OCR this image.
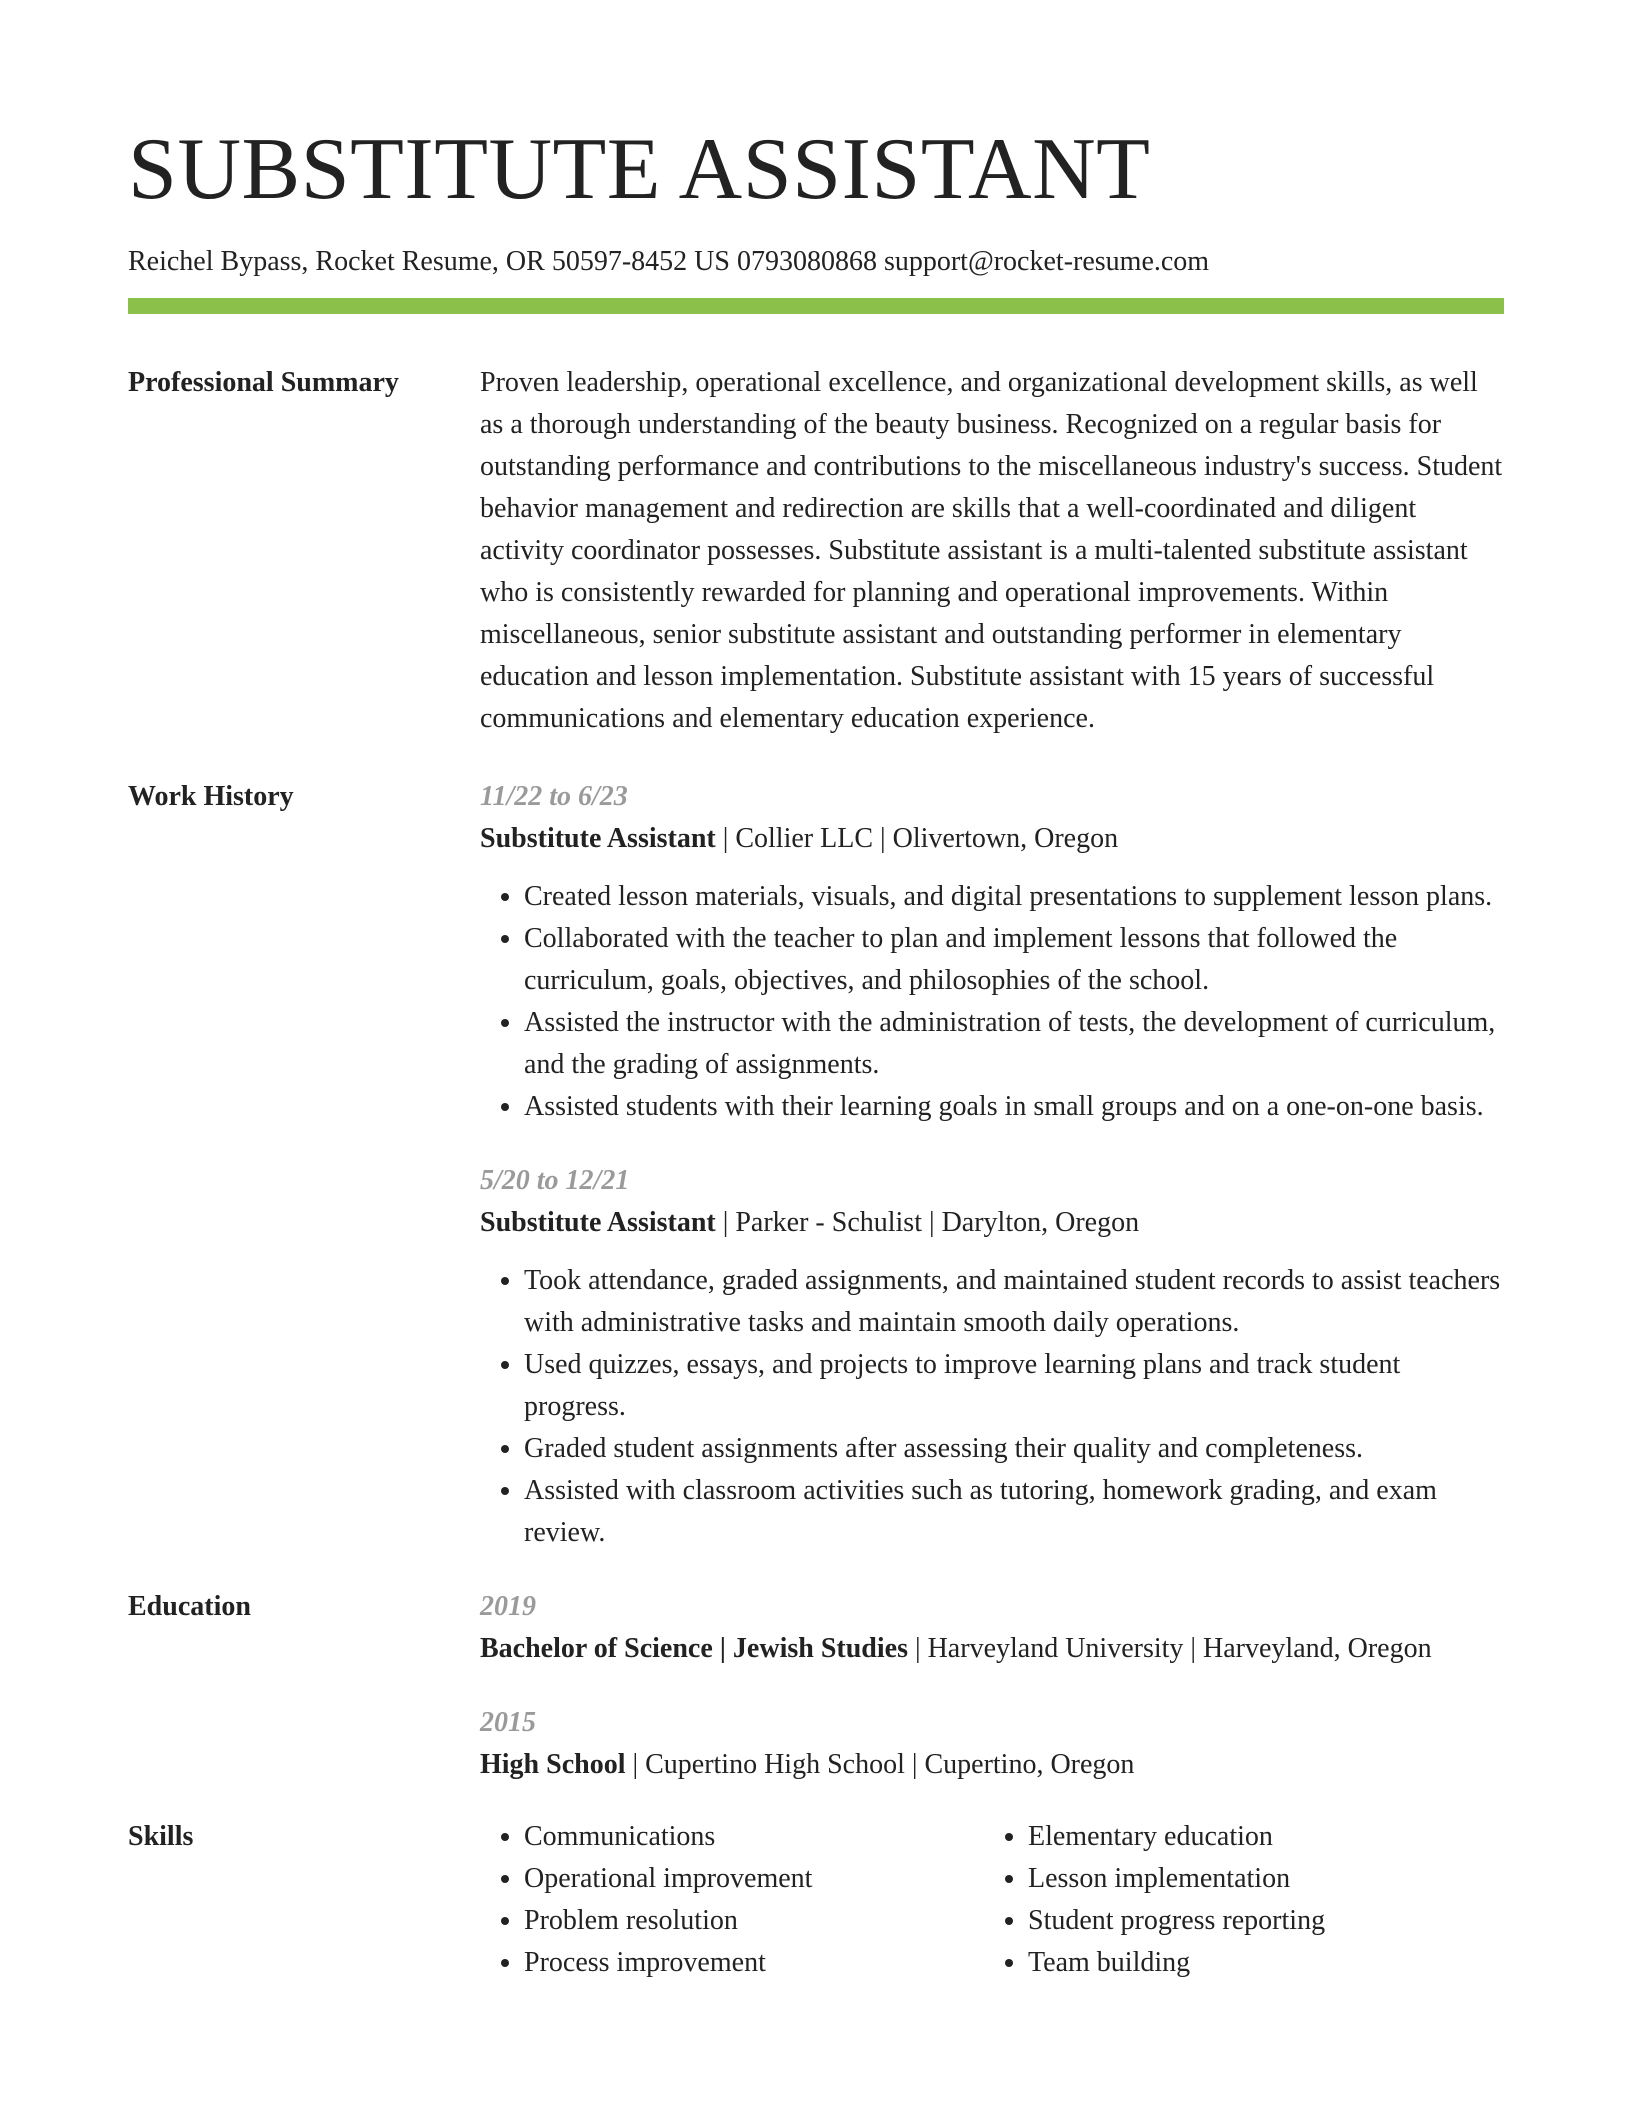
SUBSTITUTE ASSISTANT
Reichel Bypass, Rocket Resume, OR 50597-8452 US 0793080868 support@rocket-resume.com
Professional Summary	Proven leadership, operational excellence, and organizational development skills, as well as a thorough understanding of the beauty business. Recognized on a regular basis for outstanding performance and contributions to the miscellaneous industry's success. Student behavior management and redirection are skills that a well-coordinated and diligent activity coordinator possesses. Substitute assistant is a multi-talented substitute assistant who is consistently rewarded for planning and operational improvements. Within miscellaneous, senior substitute assistant and outstanding performer in elementary education and lesson implementation. Substitute assistant with 15 years of successful communications and elementary education experience.
Work History	11/22 to 6/23
Substitute Assistant | Collier LLC | Olivertown, Oregon
• Created lesson materials, visuals, and digital presentations to supplement lesson plans.
• Collaborated with the teacher to plan and implement lessons that followed the curriculum, goals, objectives, and philosophies of the school.
• Assisted the instructor with the administration of tests, the development of curriculum, and the grading of assignments.
• Assisted students with their learning goals in small groups and on a one-on-one basis.
5/20 to 12/21
Substitute Assistant | Parker - Schulist | Darylton, Oregon
• Took attendance, graded assignments, and maintained student records to assist teachers with administrative tasks and maintain smooth daily operations.
• Used quizzes, essays, and projects to improve learning plans and track student progress.
• Graded student assignments after assessing their quality and completeness.
• Assisted with classroom activities such as tutoring, homework grading, and exam review.
Education	2019
Bachelor of Science | Jewish Studies | Harveyland University | Harveyland, Oregon
2015
High School | Cupertino High School | Cupertino, Oregon
Skills
•	Communications
• Operational improvement
• Problem resolution
• Process improvement
• Elementary education
• Lesson implementation
• Student progress reporting
• Team building
